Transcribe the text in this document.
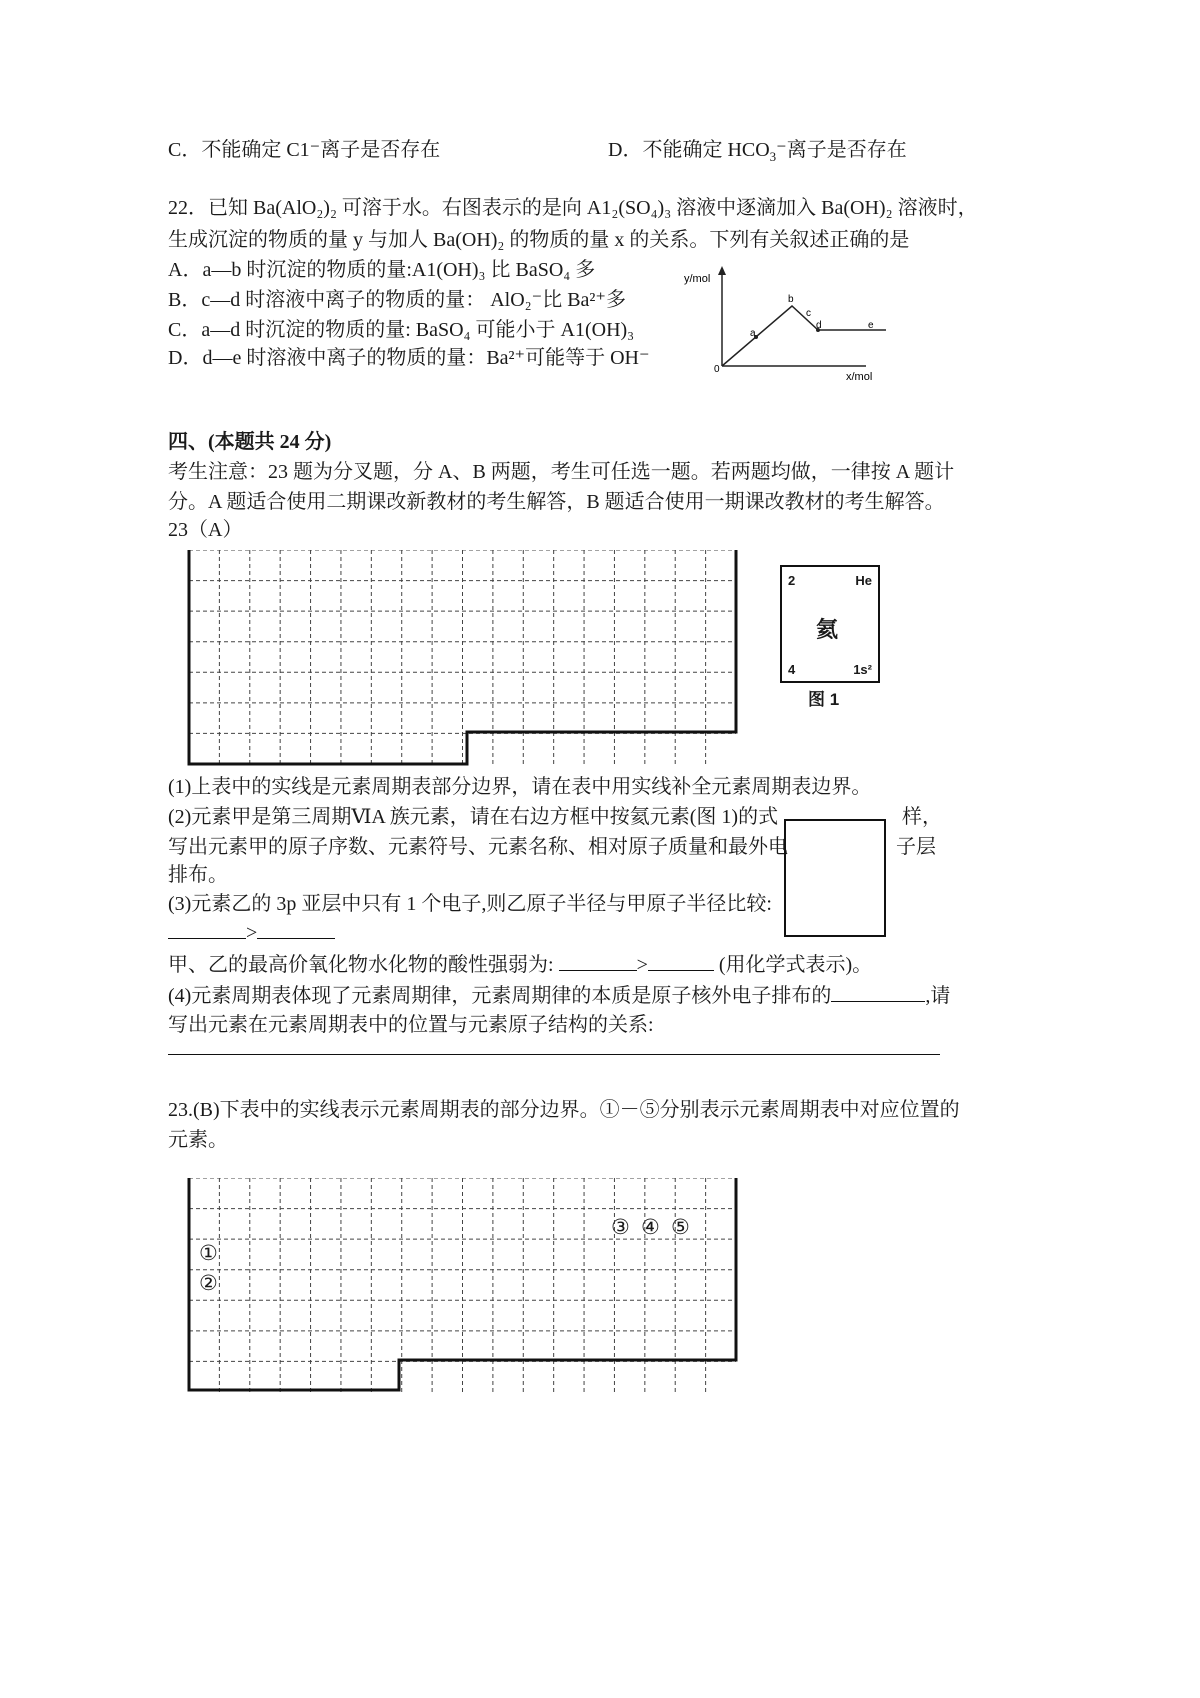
C．不能确定 C1⁻离子是否存在	D．不能确定 $HCO_3^-$离子是否存在
22．已知 Ba(AlO₂)₂ 可溶于水。右图表示的是向 A1₂(SO₄)₃ 溶液中逐滴加入 Ba(OH)₂ 溶液时，
生成沉淀的物质的量 y 与加人 Ba(OH)₂ 的物质的量 x 的关系。下列有关叙述正确的是
A．a—b 时沉淀的物质的量:A1(OH)₃ 比 BaSO₄ 多
B．c—d 时溶液中离子的物质的量： AlO₂⁻比 Ba²⁺多
C．a—d 时沉淀的物质的量: BaSO₄ 可能小于 A1(OH)₃
D．d—e 时溶液中离子的物质的量：Ba²⁺可能等于 OH⁻
y/mol
x/mol
0
a
b
c
d	e
四、(本题共 24 分)
考生注意：23 题为分叉题，分 A、B 两题，考生可任选一题。若两题均做，一律按 A 题计
分。A 题适合使用二期课改新教材的考生解答，B 题适合使用一期课改教材的考生解答。
23（A）
2	He
氦
4	1s²
图 1
(1)上表中的实线是元素周期表部分边界，请在表中用实线补全元素周期表边界。
(2)元素甲是第三周期ⅥA 族元素，请在右边方框中按氦元素(图 1)的式	样，
写出元素甲的原子序数、元素符号、元素名称、相对原子质量和最外电	子层
排布。
(3)元素乙的 3p 亚层中只有 1 个电子,则乙原子半径与甲原子半径比较:
>
甲、乙的最高价氧化物水化物的酸性强弱为:	>	(用化学式表示)。
(4)元素周期表体现了元素周期律，元素周期律的本质是原子核外电子排布的	,请
写出元素在元素周期表中的位置与元素原子结构的关系:
23.(B)下表中的实线表示元素周期表的部分边界。①－⑤分别表示元素周期表中对应位置的
元素。
①
②
③ ④ ⑤
